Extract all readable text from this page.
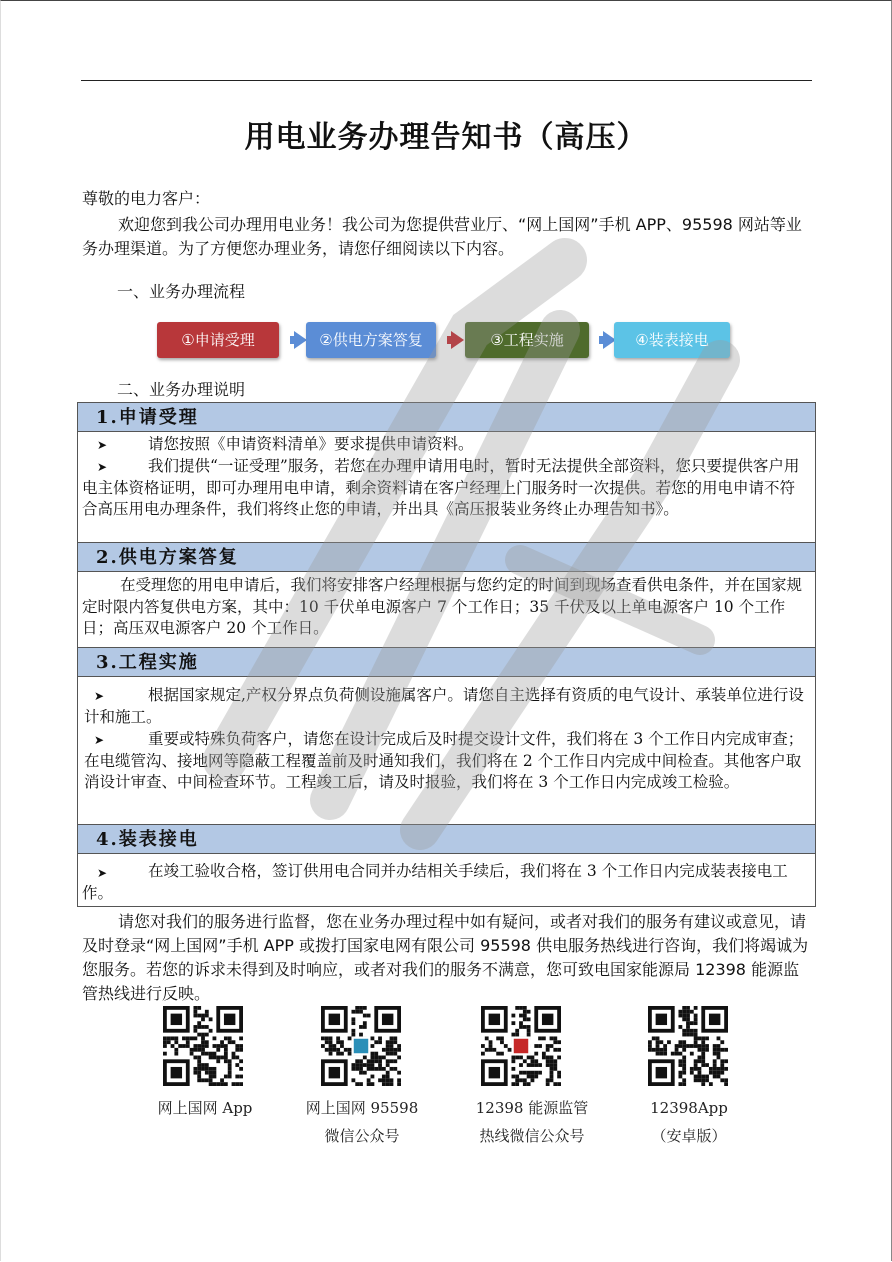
用电业务办理告知书（高压）
尊敬的电力客户：
欢迎您到我公司办理用电业务！我公司为您提供营业厅、“网上国网”手机 APP、95598 网站等业务办理渠道。为了方便您办理业务，请您仔细阅读以下内容。
一、业务办理流程
①申请受理	②供电方案答复	③工程实施	④装表接电
二、业务办理说明
1.申请受理
➤	请您按照《申请资料清单》要求提供申请资料。
➤	我们提供“一证受理”服务，若您在办理申请用电时，暂时无法提供全部资料，您只要提供客户用电主体资格证明，即可办理用电申请，剩余资料请在客户经理上门服务时一次提供。若您的用电申请不符合高压用电办理条件，我们将终止您的申请，并出具《高压报装业务终止办理告知书》。
2.供电方案答复
在受理您的用电申请后，我们将安排客户经理根据与您约定的时间到现场查看供电条件，并在国家规定时限内答复供电方案，其中：10 千伏单电源客户 7 个工作日；35 千伏及以上单电源客户 10 个工作日；高压双电源客户 20 个工作日。
3.工程实施
➤	根据国家规定,产权分界点负荷侧设施属客户。请您自主选择有资质的电气设计、承装单位进行设计和施工。
➤	重要或特殊负荷客户，请您在设计完成后及时提交设计文件，我们将在 3 个工作日内完成审查；在电缆管沟、接地网等隐蔽工程覆盖前及时通知我们，我们将在 2 个工作日内完成中间检查。其他客户取消设计审查、中间检查环节。工程竣工后，请及时报验，我们将在 3 个工作日内完成竣工检验。
4.装表接电
➤	在竣工验收合格，签订供用电合同并办结相关手续后，我们将在 3 个工作日内完成装表接电工作。
请您对我们的服务进行监督，您在业务办理过程中如有疑问，或者对我们的服务有建议或意见，请及时登录“网上国网”手机 APP 或拨打国家电网有限公司 95598 供电服务热线进行咨询，我们将竭诚为您服务。若您的诉求未得到及时响应，或者对我们的服务不满意，您可致电国家能源局 12398 能源监管热线进行反映。
网上国网 App	网上国网 95598
微信公众号
12398 能源监管
热线微信公众号
12398App
（安卓版）
